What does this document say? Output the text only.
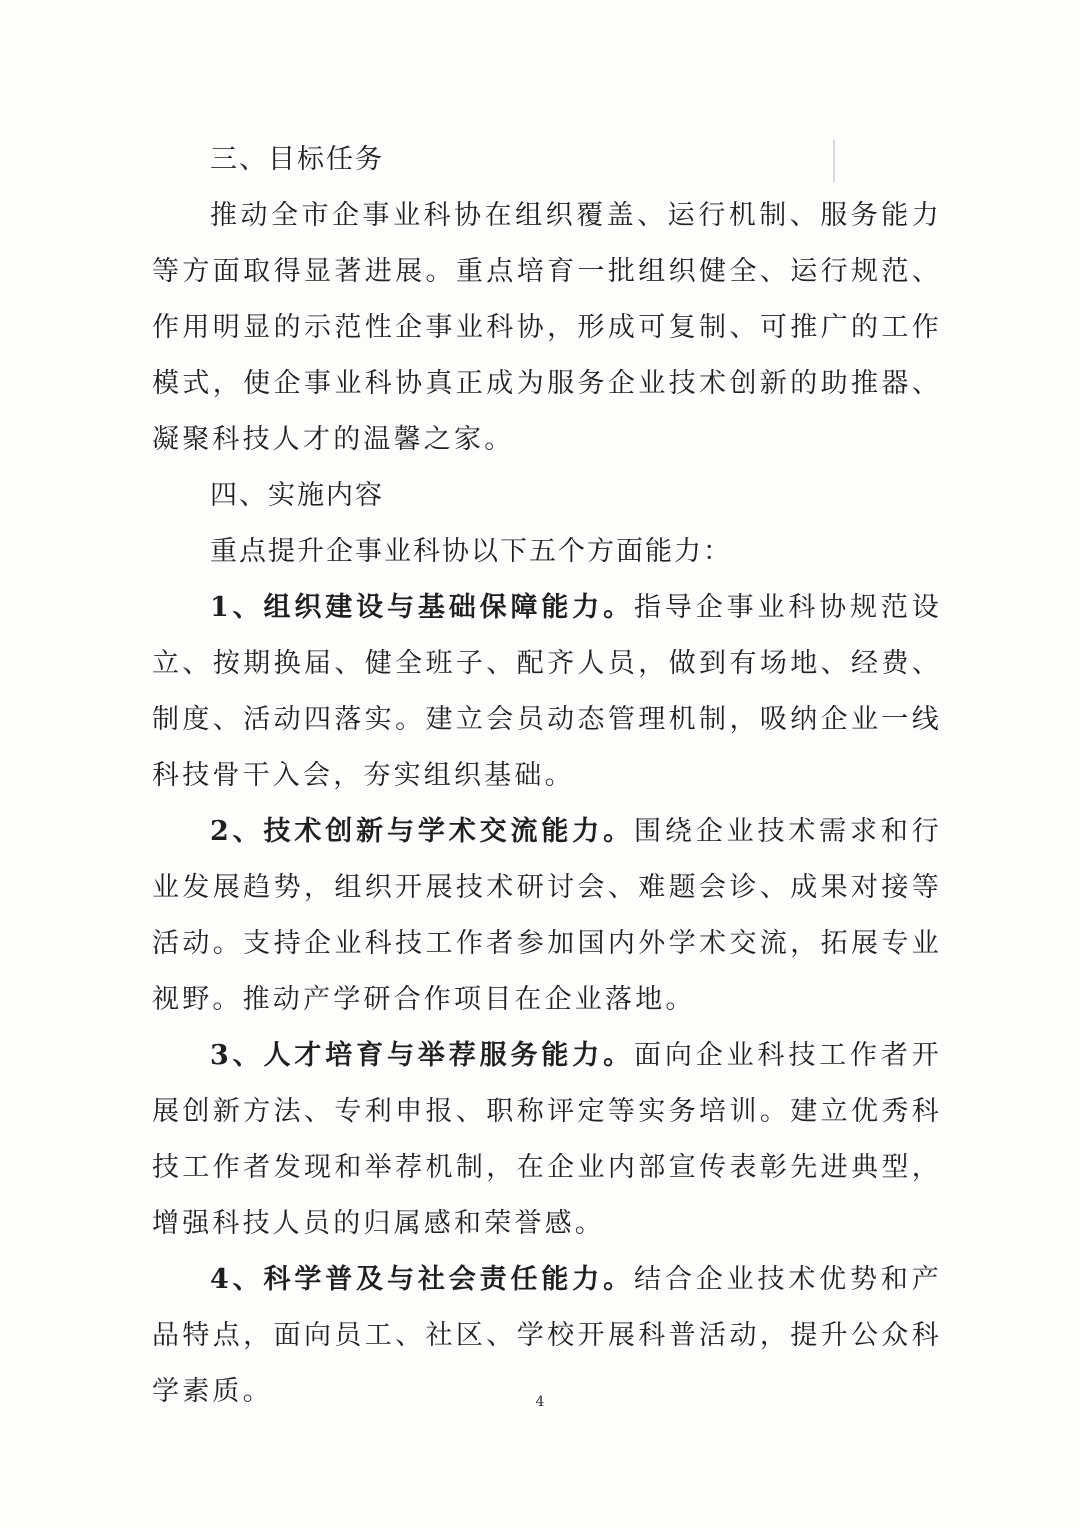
三、目标任务

推动全市企事业科协在组织覆盖、运行机制、服务能力等方面取得显著进展。重点培育一批组织健全、运行规范、作用明显的示范性企事业科协，形成可复制、可推广的工作模式，使企事业科协真正成为服务企业技术创新的助推器、凝聚科技人才的温馨之家。

四、实施内容

重点提升企事业科协以下五个方面能力：

1、组织建设与基础保障能力。指导企事业科协规范设立、按期换届、健全班子、配齐人员，做到有场地、经费、制度、活动四落实。建立会员动态管理机制，吸纳企业一线科技骨干入会，夯实组织基础。

2、技术创新与学术交流能力。围绕企业技术需求和行业发展趋势，组织开展技术研讨会、难题会诊、成果对接等活动。支持企业科技工作者参加国内外学术交流，拓展专业视野。推动产学研合作项目在企业落地。

3、人才培育与举荐服务能力。面向企业科技工作者开展创新方法、专利申报、职称评定等实务培训。建立优秀科技工作者发现和举荐机制，在企业内部宣传表彰先进典型，增强科技人员的归属感和荣誉感。

4、科学普及与社会责任能力。结合企业技术优势和产品特点，面向员工、社区、学校开展科普活动，提升公众科学素质。	4
